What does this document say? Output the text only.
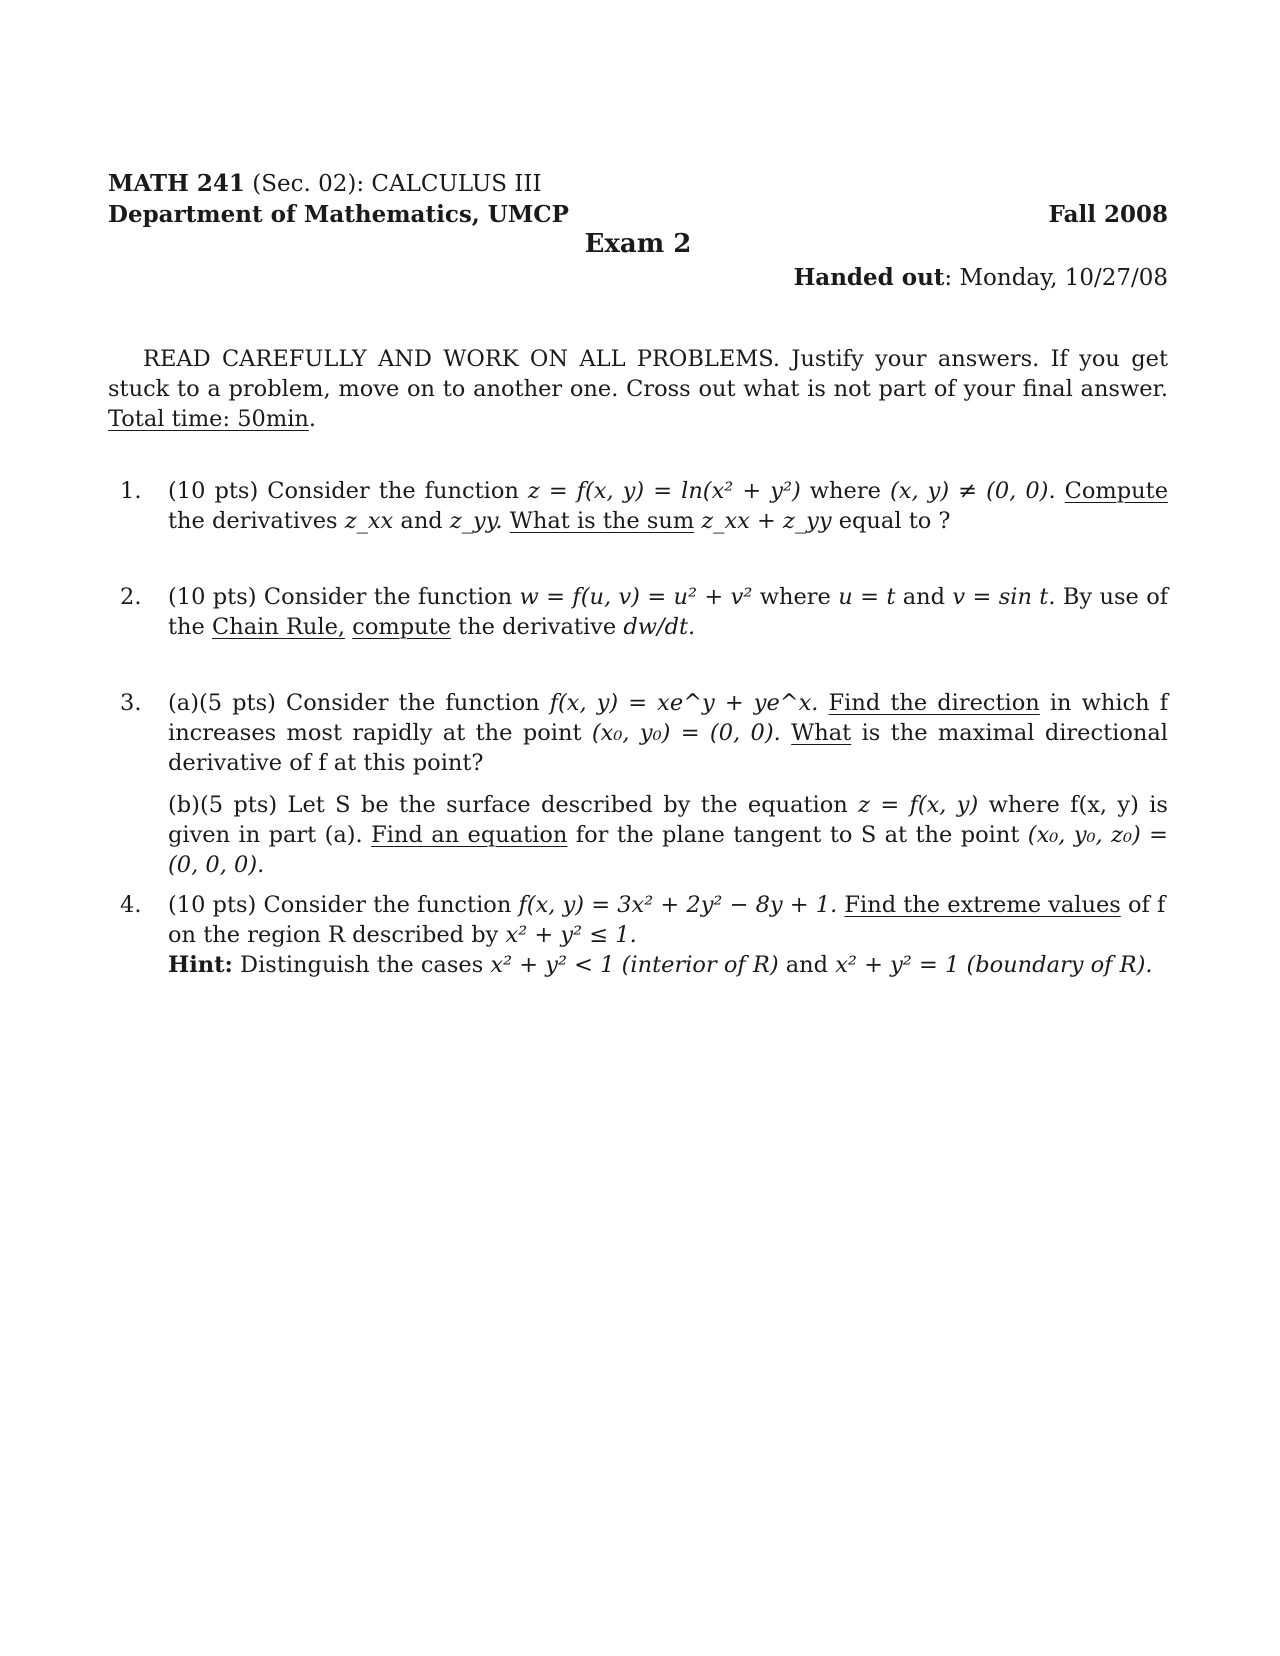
MATH 241 (Sec. 02): CALCULUS III
Department of Mathematics, UMCP	Fall 2008
Exam 2
Handed out: Monday, 10/27/08

READ CAREFULLY AND WORK ON ALL PROBLEMS. Justify your answers. If you get stuck to a problem, move on to another one. Cross out what is not part of your final answer. Total time: 50min.

1.	(10 pts) Consider the function z = f(x, y) = ln(x² + y²) where (x, y) ≠ (0, 0). Compute the derivatives z_xx and z_yy. What is the sum z_xx + z_yy equal to ?

2.	(10 pts) Consider the function w = f(u, v) = u² + v² where u = t and v = sin t. By use of the Chain Rule, compute the derivative dw/dt.

3.	(a)(5 pts) Consider the function f(x, y) = xe^y + ye^x. Find the direction in which f increases most rapidly at the point (x₀, y₀) = (0, 0). What is the maximal directional derivative of f at this point?

(b)(5 pts) Let S be the surface described by the equation z = f(x, y) where f(x, y) is given in part (a). Find an equation for the plane tangent to S at the point (x₀, y₀, z₀) = (0, 0, 0).

4.	(10 pts) Consider the function f(x, y) = 3x² + 2y² − 8y + 1. Find the extreme values of f on the region R described by x² + y² ≤ 1.
Hint: Distinguish the cases x² + y² < 1 (interior of R) and x² + y² = 1 (boundary of R).
